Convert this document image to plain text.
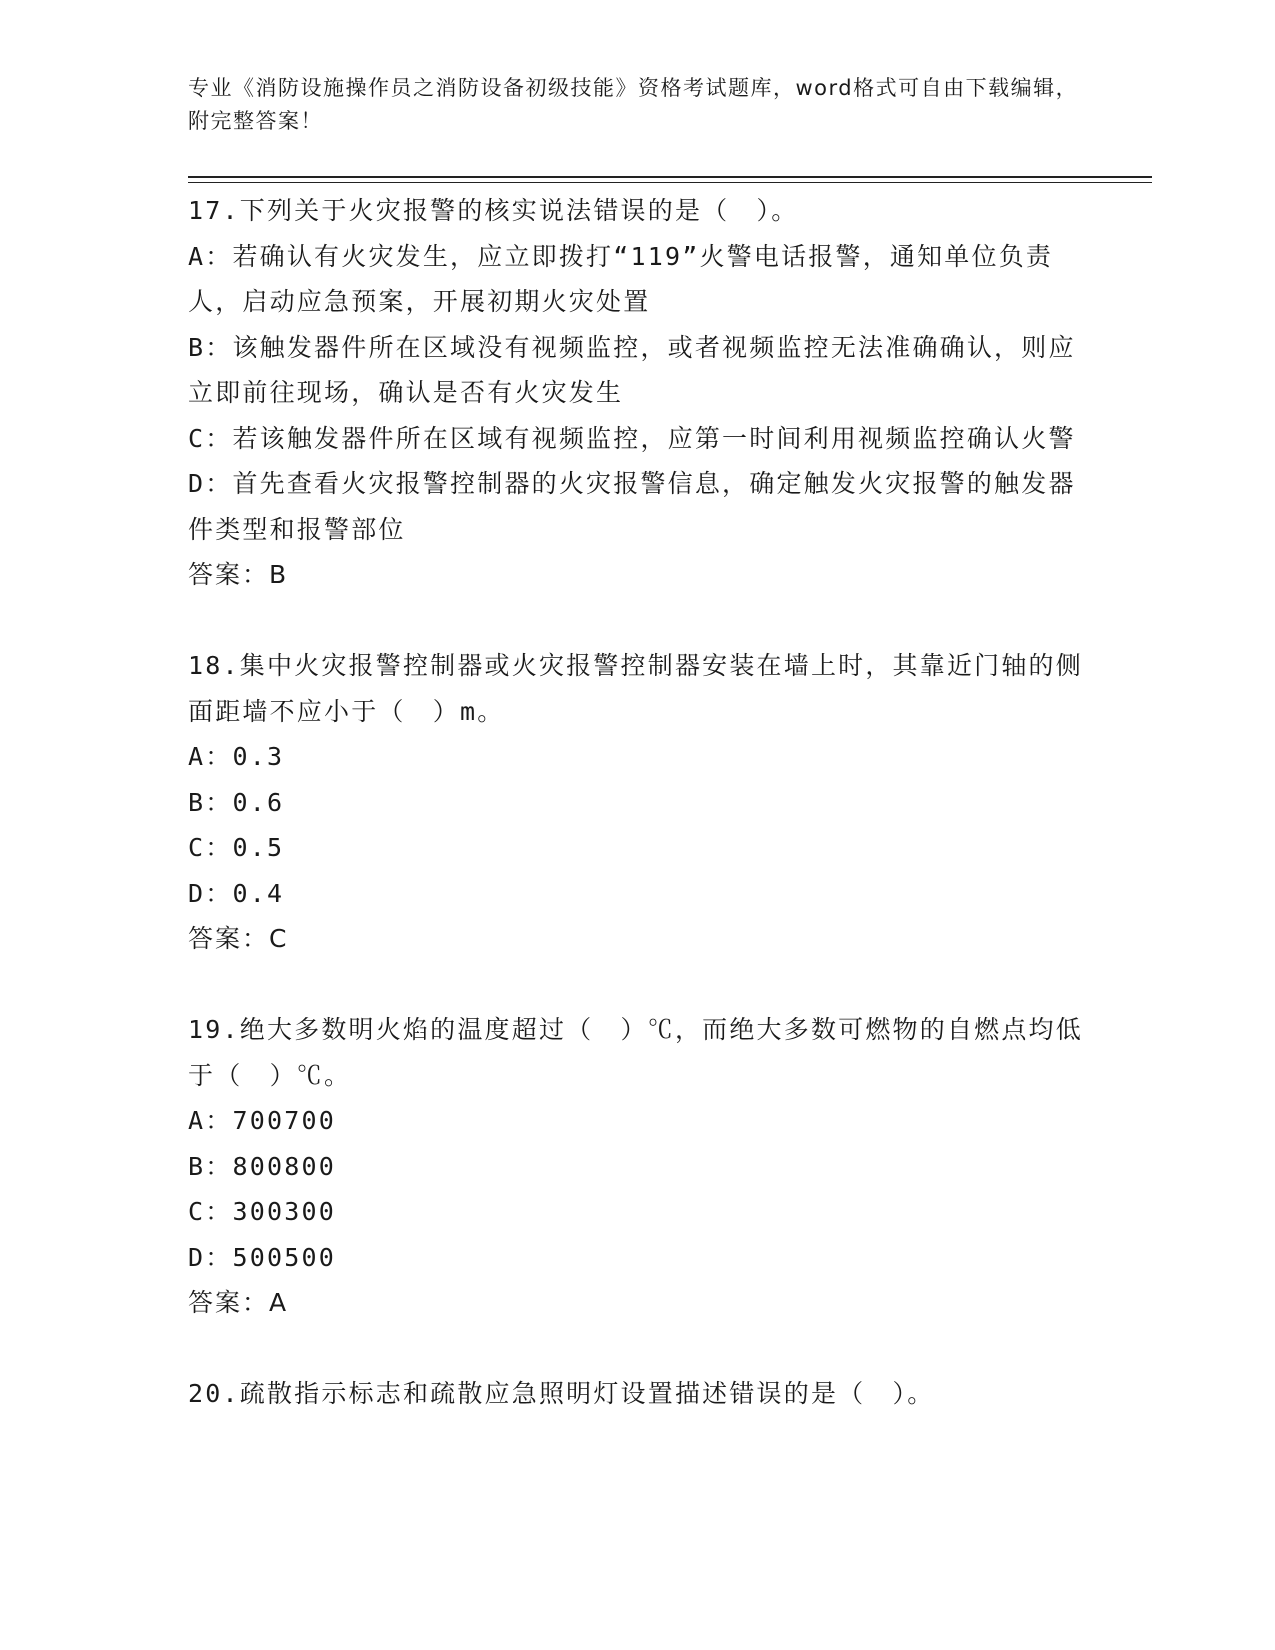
专业《消防设施操作员之消防设备初级技能》资格考试题库，word格式可自由下载编辑，附完整答案！

17.下列关于火灾报警的核实说法错误的是（　）。

A：若确认有火灾发生，应立即拨打“119”火警电话报警，通知单位负责人，启动应急预案，开展初期火灾处置

B：该触发器件所在区域没有视频监控，或者视频监控无法准确确认，则应立即前往现场，确认是否有火灾发生

C：若该触发器件所在区域有视频监控，应第一时间利用视频监控确认火警

D：首先查看火灾报警控制器的火灾报警信息，确定触发火灾报警的触发器件类型和报警部位

答案：B

18.集中火灾报警控制器或火灾报警控制器安装在墙上时，其靠近门轴的侧面距墙不应小于（　）m。

A：0.3

B：0.6

C：0.5

D：0.4

答案：C

19.绝大多数明火焰的温度超过（　）℃，而绝大多数可燃物的自燃点均低于（　）℃。

A：700700

B：800800

C：300300

D：500500

答案：A

20.疏散指示标志和疏散应急照明灯设置描述错误的是（　）。
